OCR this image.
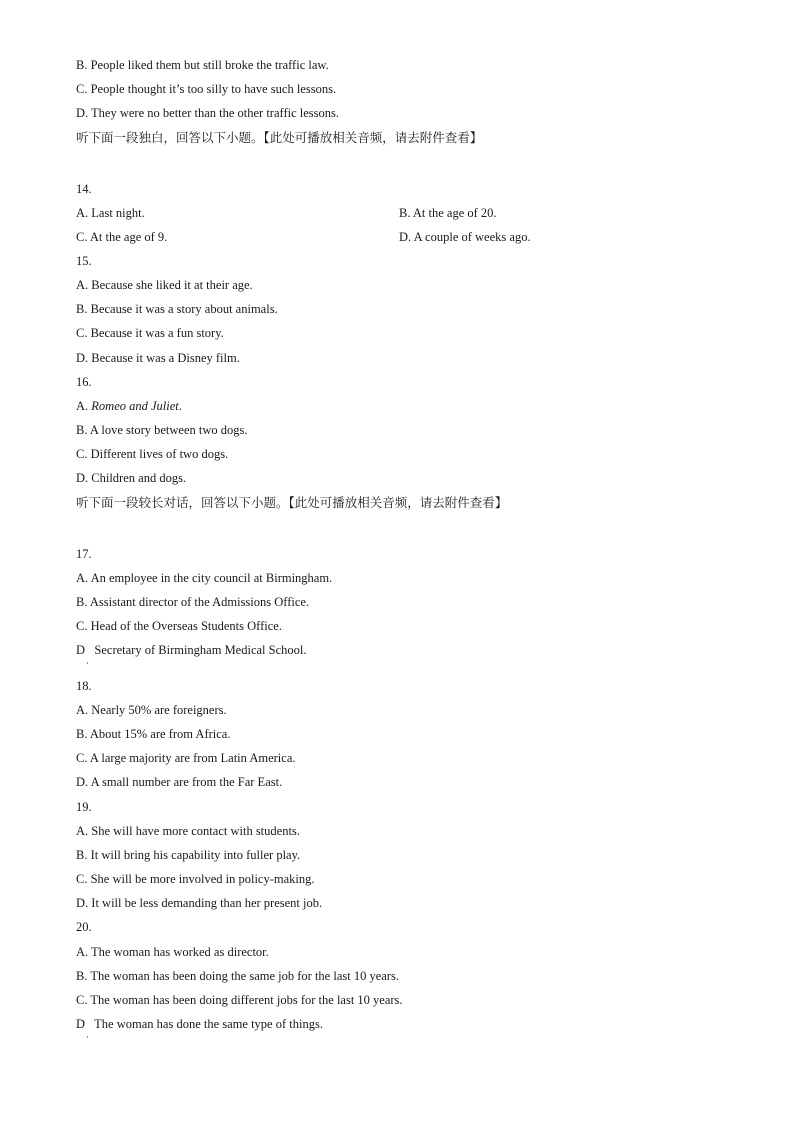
B. People liked them but still broke the traffic law.
C. People thought it’s too silly to have such lessons.
D. They were no better than the other traffic lessons.
听下面一段独白，回答以下小题。【此处可播放相关音频，请去附件查看】
14.
A. Last night.	B. At the age of 20.
C. At the age of 9.	D. A couple of weeks ago.
15.
A. Because she liked it at their age.
B. Because it was a story about animals.
C. Because it was a fun story.
D. Because it was a Disney film.
16.
A. Romeo and Juliet.
B. A love story between two dogs.
C. Different lives of two dogs.
D. Children and dogs.
听下面一段较长对话，回答以下小题。【此处可播放相关音频，请去附件查看】
17.
A. An employee in the city council at Birmingham.
B. Assistant director of the Admissions Office.
C. Head of the Overseas Students Office.
D   Secretary of Birmingham Medical School.
·
18.
A. Nearly 50% are foreigners.
B. About 15% are from Africa.
C. A large majority are from Latin America.
D. A small number are from the Far East.
19.
A. She will have more contact with students.
B. It will bring his capability into fuller play.
C. She will be more involved in policy-making.
D. It will be less demanding than her present job.
20.
A. The woman has worked as director.
B. The woman has been doing the same job for the last 10 years.
C. The woman has been doing different jobs for the last 10 years.
D   The woman has done the same type of things.
·
